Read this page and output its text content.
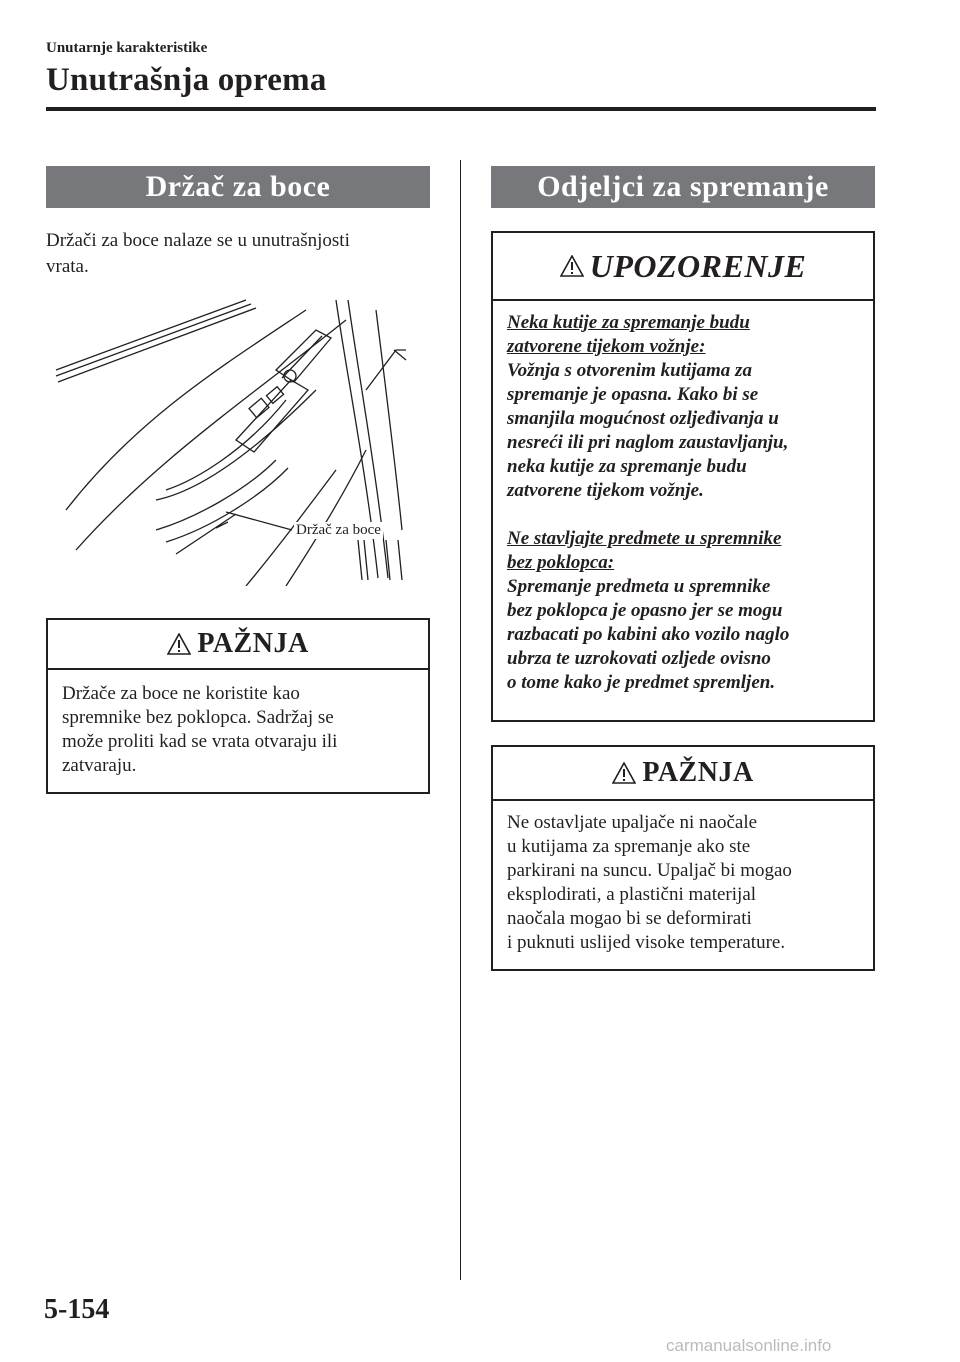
Unutarnje karakteristike
Unutrašnja oprema
Držač za boce
Držači za boce nalaze se u unutrašnjosti
vrata.
Držač za boce
PAŽNJA
Držače za boce ne koristite kao
spremnike bez poklopca. Sadržaj se
može proliti kad se vrata otvaraju ili
zatvaraju.
Odjeljci za spremanje
UPOZORENJE
Neka kutije za spremanje budu
zatvorene tijekom vožnje:
Vožnja s otvorenim kutijama za
spremanje je opasna. Kako bi se
smanjila mogućnost ozljeđivanja u
nesreći ili pri naglom zaustavljanju,
neka kutije za spremanje budu
zatvorene tijekom vožnje.
Ne stavljajte predmete u spremnike
bez poklopca:
Spremanje predmeta u spremnike
bez poklopca je opasno jer se mogu
razbacati po kabini ako vozilo naglo
ubrza te uzrokovati ozljede ovisno
o tome kako je predmet spremljen.
PAŽNJA
Ne ostavljate upaljače ni naočale
u kutijama za spremanje ako ste
parkirani na suncu. Upaljač bi mogao
eksplodirati, a plastični materijal
naočala mogao bi se deformirati
i puknuti uslijed visoke temperature.
5-154
carmanualsonline.info
